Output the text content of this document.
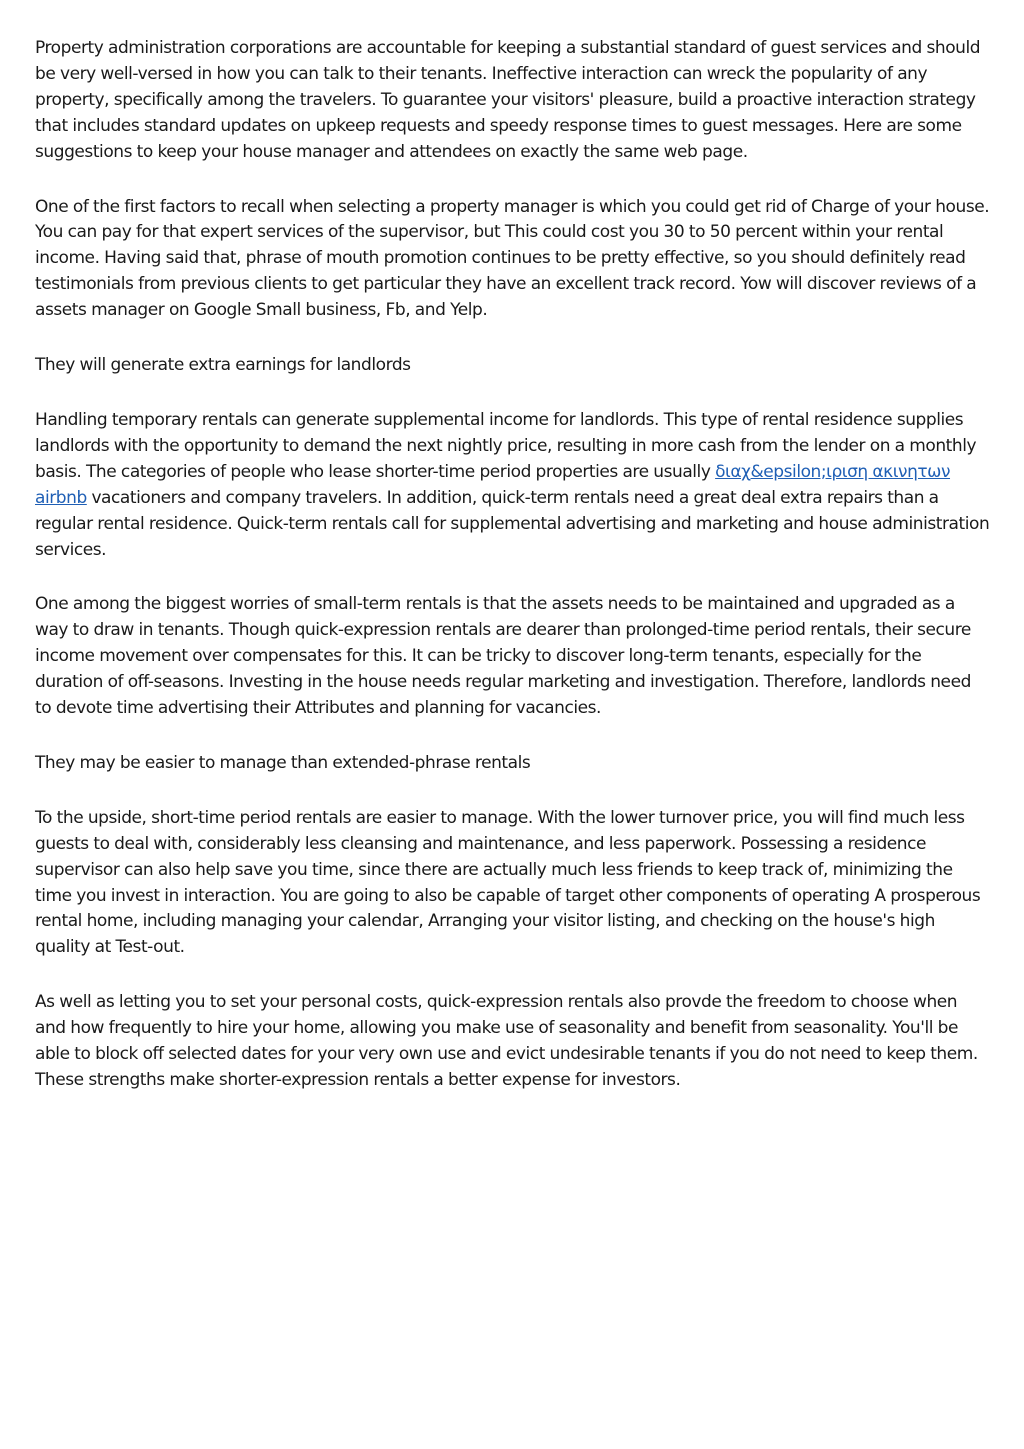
Property administration corporations are accountable for keeping a substantial standard of guest services and should be very well-versed in how you can talk to their tenants. Ineffective interaction can wreck the popularity of any property, specifically among the travelers. To guarantee your visitors' pleasure, build a proactive interaction strategy that includes standard updates on upkeep requests and speedy response times to guest messages. Here are some suggestions to keep your house manager and attendees on exactly the same web page.

One of the first factors to recall when selecting a property manager is which you could get rid of Charge of your house. You can pay for that expert services of the supervisor, but This could cost you 30 to 50 percent within your rental income. Having said that, phrase of mouth promotion continues to be pretty effective, so you should definitely read testimonials from previous clients to get particular they have an excellent track record. Yow will discover reviews of a assets manager on Google Small business, Fb, and Yelp.

They will generate extra earnings for landlords

Handling temporary rentals can generate supplemental income for landlords. This type of rental residence supplies landlords with the opportunity to demand the next nightly price, resulting in more cash from the lender on a monthly basis. The categories of people who lease shorter-time period properties are usually διαχ&epsilon;ιριση ακινητων airbnb vacationers and company travelers. In addition, quick-term rentals need a great deal extra repairs than a regular rental residence. Quick-term rentals call for supplemental advertising and marketing and house administration services.

One among the biggest worries of small-term rentals is that the assets needs to be maintained and upgraded as a way to draw in tenants. Though quick-expression rentals are dearer than prolonged-time period rentals, their secure income movement over compensates for this. It can be tricky to discover long-term tenants, especially for the duration of off-seasons. Investing in the house needs regular marketing and investigation. Therefore, landlords need to devote time advertising their Attributes and planning for vacancies.

They may be easier to manage than extended-phrase rentals

To the upside, short-time period rentals are easier to manage. With the lower turnover price, you will find much less guests to deal with, considerably less cleansing and maintenance, and less paperwork. Possessing a residence supervisor can also help save you time, since there are actually much less friends to keep track of, minimizing the time you invest in interaction. You are going to also be capable of target other components of operating A prosperous rental home, including managing your calendar, Arranging your visitor listing, and checking on the house's high quality at Test-out.

As well as letting you to set your personal costs, quick-expression rentals also provde the freedom to choose when and how frequently to hire your home, allowing you make use of seasonality and benefit from seasonality. You'll be able to block off selected dates for your very own use and evict undesirable tenants if you do not need to keep them. These strengths make shorter-expression rentals a better expense for investors.
